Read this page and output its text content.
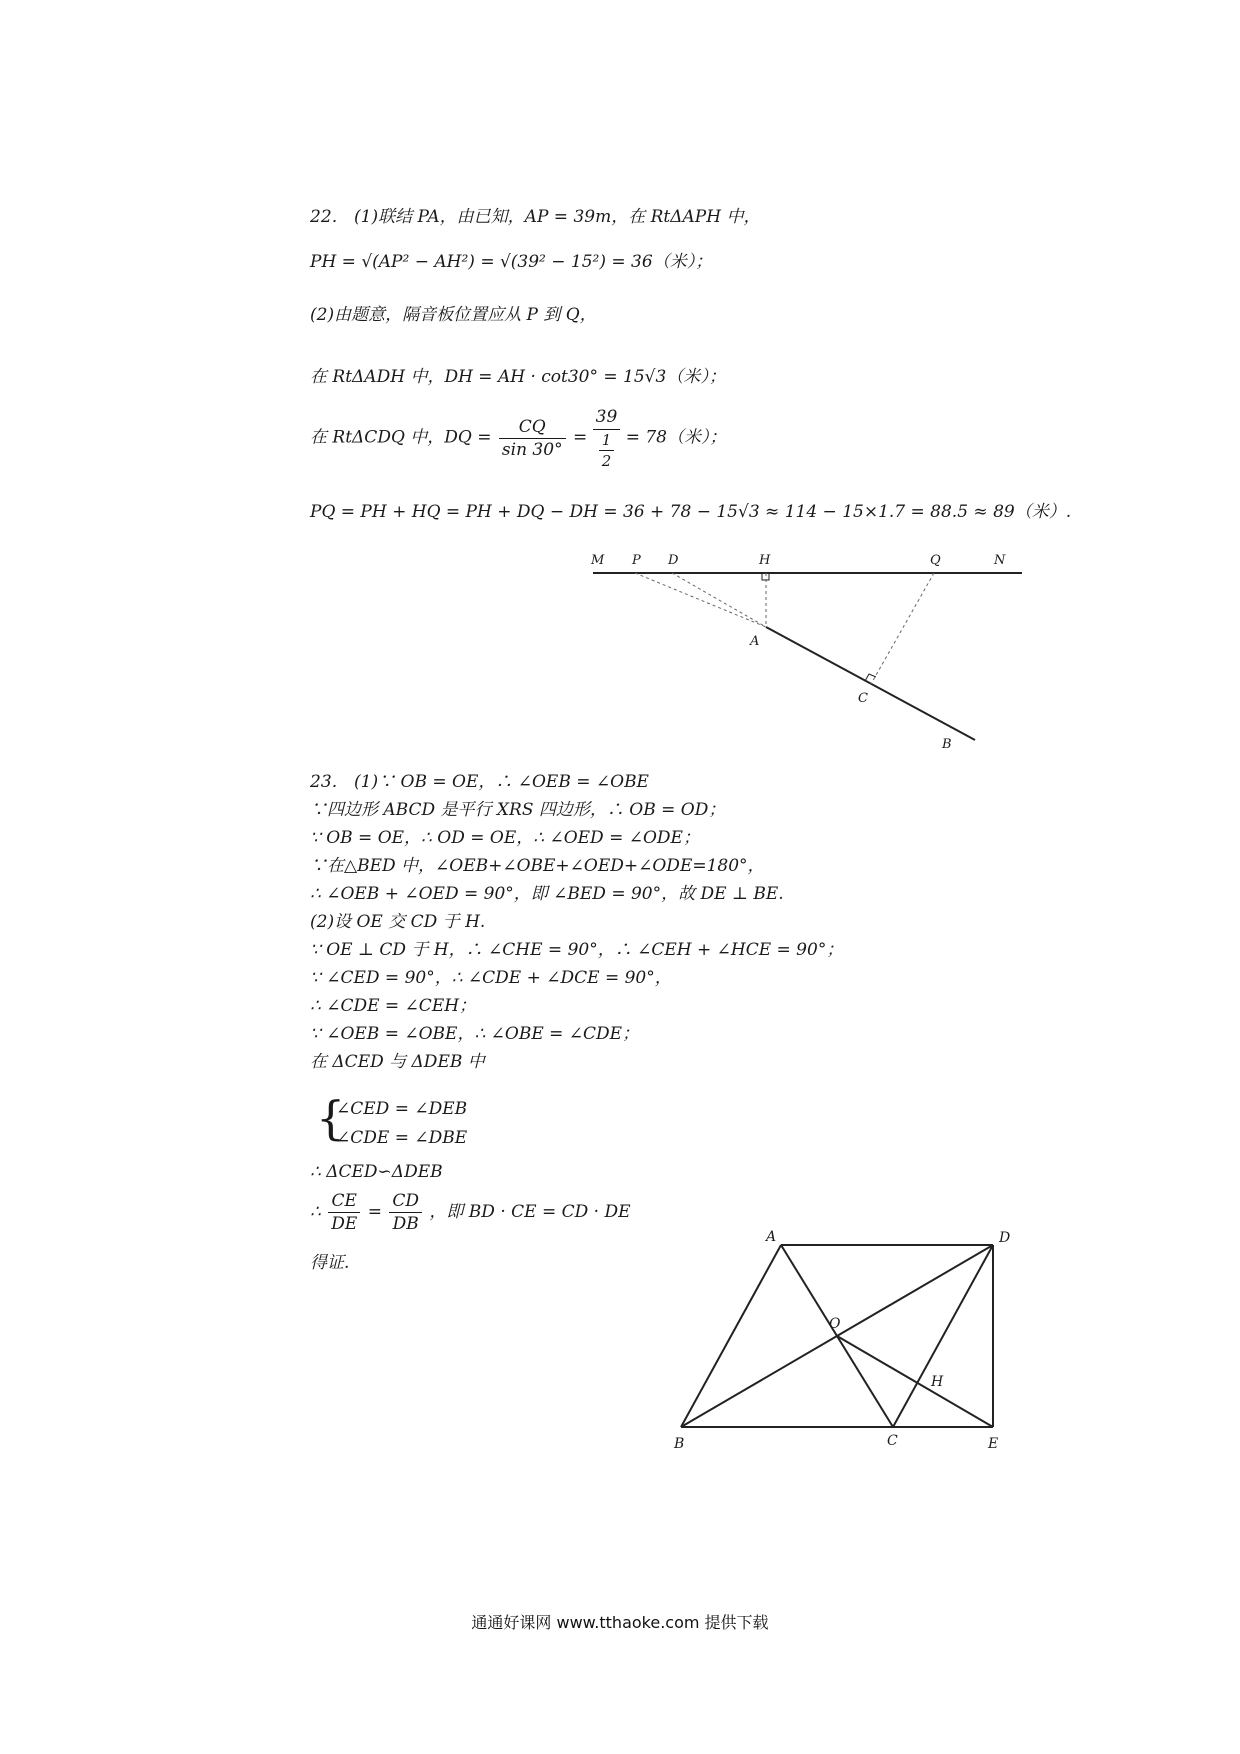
22． (1)联结 PA，由已知，AP = 39m，在 RtΔAPH 中，
PH = √(AP² − AH²) = √(39² − 15²) = 36（米）；
(2)由题意，隔音板位置应从 P 到 Q，
在 RtΔADH 中，DH = AH · cot30° = 15√3（米）；
在 RtΔCDQ 中，DQ = $\frac{CQ}{\sin 30^\circ} = 39$
1
2 = 78（米）；
PQ = PH + HQ = PH + DQ − DH = 36 + 78 − 15√3 ≈ 114 − 15×1.7 = 88.5 ≈ 89（米）.
M P D	H	Q	N
A
C
B
23． (1)∵ OB = OE，∴ ∠OEB = ∠OBE
∵四边形 ABCD 是平行 XRS 四边形，∴ OB = OD；
∵ OB = OE，∴ OD = OE，∴ ∠OED = ∠ODE；
∵在△BED 中，∠OEB+∠OBE+∠OED+∠ODE=180°，
∴ ∠OEB + ∠OED = 90°，即 ∠BED = 90°，故 DE ⊥ BE.
(2)设 OE 交 CD 于 H.
∵ OE ⊥ CD 于 H，∴ ∠CHE = 90°，∴ ∠CEH + ∠HCE = 90°；
∵ ∠CED = 90°，∴ ∠CDE + ∠DCE = 90°，
∴ ∠CDE = ∠CEH；
∵ ∠OEB = ∠OBE，∴ ∠OBE = ∠CDE；
在 ΔCED 与 ΔDEB 中
{
∠CED = ∠DEB
∠CDE = ∠DBE
∴ ΔCED∽ΔDEB
∴ $\frac{CE}{DE} = \frac{CD}{DB}$ ，即 BD · CE = CD · DE
得证.
A	D
O
H
B	C	E
通通好课网 www.tthaoke.com 提供下载
